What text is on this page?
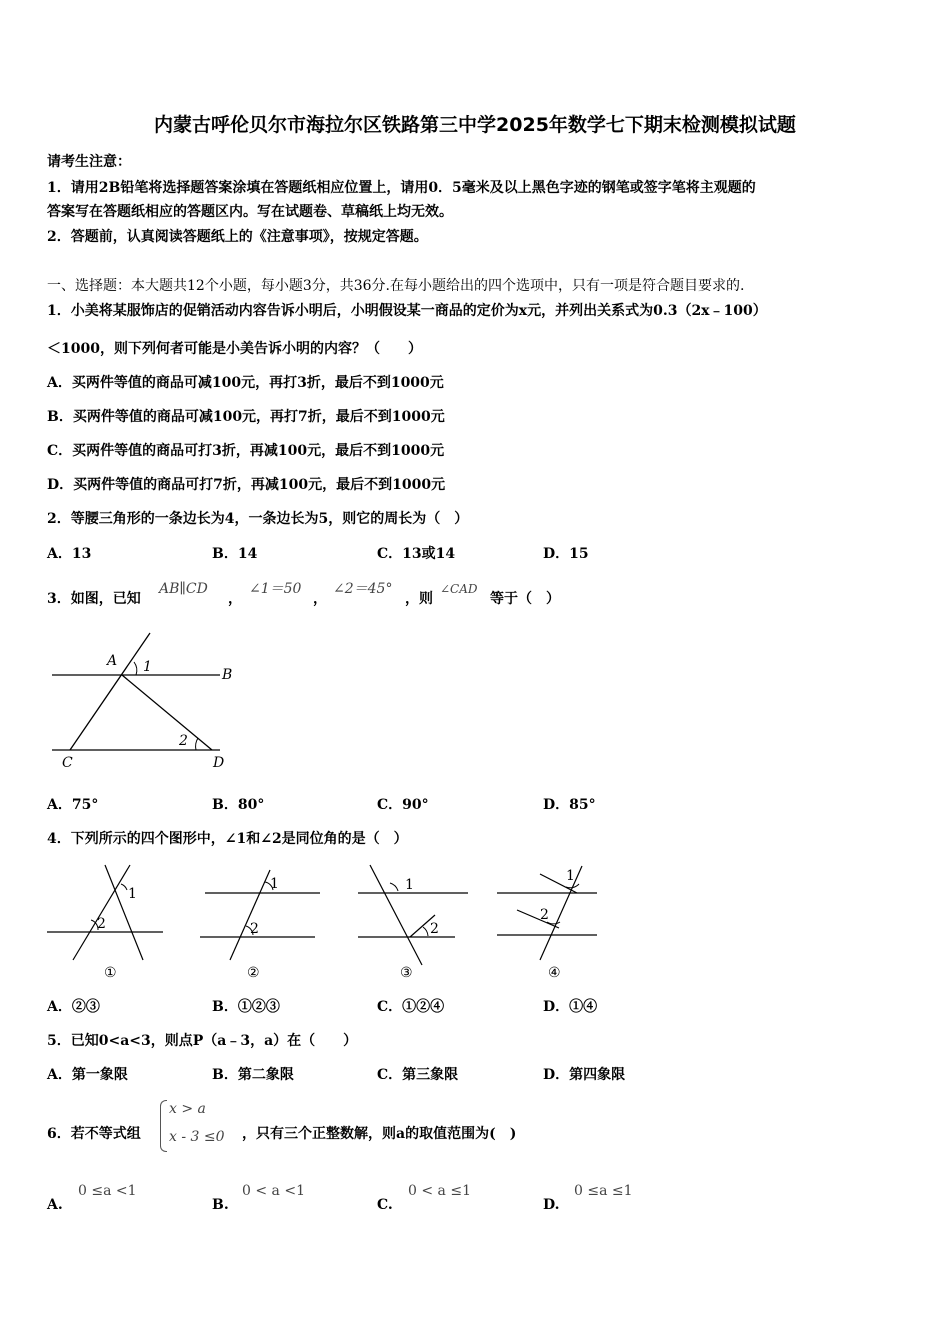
内蒙古呼伦贝尔市海拉尔区铁路第三中学2025年数学七下期末检测模拟试题
请考生注意：
1．请用2B铅笔将选择题答案涂填在答题纸相应位置上，请用0．5毫米及以上黑色字迹的钢笔或签字笔将主观题的
答案写在答题纸相应的答题区内。写在试题卷、草稿纸上均无效。
2．答题前，认真阅读答题纸上的《注意事项》，按规定答题。
一、选择题：本大题共12个小题，每小题3分，共36分.在每小题给出的四个选项中，只有一项是符合题目要求的.
1．小美将某服饰店的促销活动内容告诉小明后，小明假设某一商品的定价为x元，并列出关系式为0.3（2x﹣100）
＜1000，则下列何者可能是小美告诉小明的内容？（　　）
A．买两件等值的商品可减100元，再打3折，最后不到1000元
B．买两件等值的商品可减100元，再打7折，最后不到1000元
C．买两件等值的商品可打3折，再减100元，最后不到1000元
D．买两件等值的商品可打7折，再减100元，最后不到1000元
2．等腰三角形的一条边长为4，一条边长为5，则它的周长为（　）
A．13	B．14	C．13或14	D．15
3．如图，已知
AB∥CD
，
∠1＝50
，
∠2＝45°
，则
∠CAD
等于（　）
A
B
C	D
1
2
A．75°	B．80°	C．90°	D．85°
4．下列所示的四个图形中，∠1和∠2是同位角的是（　）
1
2
①
1
2
②
1
2
③
1
2
④
A．②③	B．①②③	C．①②④	D．①④
5．已知0<a<3，则点P（a﹣3，a）在（　　）
A．第一象限	B．第二象限	C．第三象限	D．第四象限
6．若不等式组
x > a
x - 3 ≤0 ，只有三个正整数解，则a的取值范围为(　)
A.
0 ≤a <1
B.
0 < a <1
C.
0 < a ≤1
D.
0 ≤a ≤1
